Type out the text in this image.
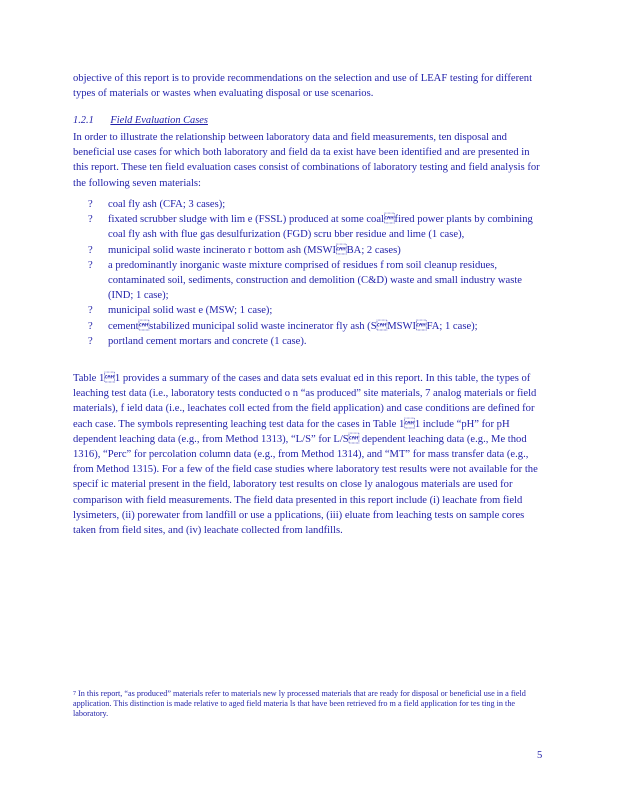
objective of this report is to provide recommendations on the selection and use of LEAF testing for different types of materials or wastes when evaluating disposal or use scenarios.

1.2.1 Field Evaluation Cases

In order to illustrate the relationship between laboratory data and field measurements, ten disposal and beneficial use cases for which both laboratory and field da ta exist have been identified and are presented in this report. These ten field evaluation cases consist of combinations of laboratory testing and field analysis for the following seven materials:

? coal fly ash (CFA; 3 cases);
? fixated scrubber sludge with lim e (FSSL) produced at some coalfired power plants by combining coal fly ash with flue gas desulfurization (FGD) scru bber residue and lime (1 case),
? municipal solid waste incinerato r bottom ash (MSWIBA; 2 cases)
? a predominantly inorganic waste mixture comprised of residues f rom soil cleanup residues, contaminated soil, sediments, construction and demolition (C&D) waste and small industry waste (IND; 1 case);
? municipal solid wast e (MSW; 1 case);
? cementstabilized municipal solid waste incinerator fly ash (SMSWIFA; 1 case);
? portland cement mortars and concrete (1 case).

Table 11 provides a summary of the cases and data sets evaluat ed in this report. In this table, the types of leaching test data (i.e., laboratory tests conducted o n “as produced” site materials, 7 analog materials or field materials), f ield data (i.e., leachates coll ected from the field application) and case conditions are defined for each case. The symbols representing leaching test data for the cases in Table 11 include “pH” for pH dependent leaching data (e.g., from Method 1313), “L/S” for L/S dependent leaching data (e.g., Me thod 1316), “Perc” for percolation column data (e.g., from Method 1314), and “MT” for mass transfer data (e.g., from Method 1315). For a few of the field case studies where laboratory test results were not available for the specif ic material present in the field, laboratory test results on close ly analogous materials are used for comparison with field measurements. The field data presented in this report include (i) leachate from field lysimeters, (ii) porewater from landfill or use a pplications, (iii) eluate from leaching tests on sample cores taken from field sites, and (iv) leachate collected from landfills.

$^7$ In this report, “as produced” materials refer to materials new ly processed materials that are ready for disposal or beneficial use in a field application. This distinction is made relative to aged field materia ls that have been retrieved fro m a field application for tes ting in the laboratory.
5
